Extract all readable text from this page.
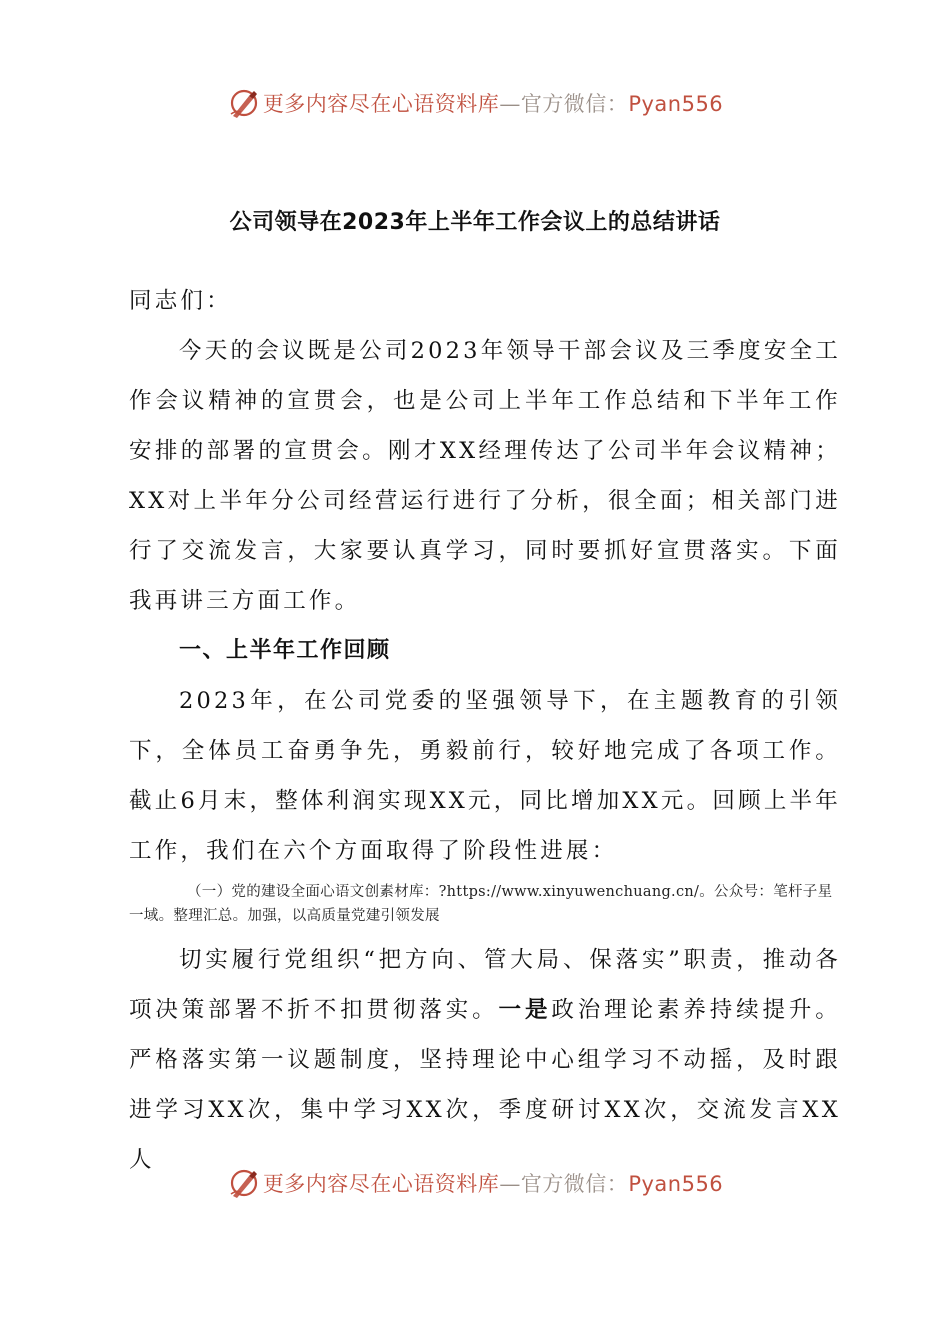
更多内容尽在心语资料库—官方微信：Pyan556
公司领导在2023年上半年工作会议上的总结讲话

同志们：

今天的会议既是公司2023年领导干部会议及三季度安全工作会议精神的宣贯会，也是公司上半年工作总结和下半年工作安排的部署的宣贯会。刚才XX经理传达了公司半年会议精神；XX对上半年分公司经营运行进行了分析，很全面；相关部门进行了交流发言，大家要认真学习，同时要抓好宣贯落实。下面我再讲三方面工作。

一、上半年工作回顾

2023年，在公司党委的坚强领导下，在主题教育的引领下，全体员工奋勇争先，勇毅前行，较好地完成了各项工作。截止6月末，整体利润实现XX元，同比增加XX元。回顾上半年工作，我们在六个方面取得了阶段性进展：

（一）党的建设全面心语文创素材库：?https://www.xinyuwenchuang.cn/。公众号：笔杆子星一域。整理汇总。加强，以高质量党建引领发展

切实履行党组织“把方向、管大局、保落实”职责，推动各项决策部署不折不扣贯彻落实。一是政治理论素养持续提升。严格落实第一议题制度，坚持理论中心组学习不动摇，及时跟进学习XX次，集中学习XX次，季度研讨XX次，交流发言XX人

更多内容尽在心语资料库—官方微信：Pyan556
